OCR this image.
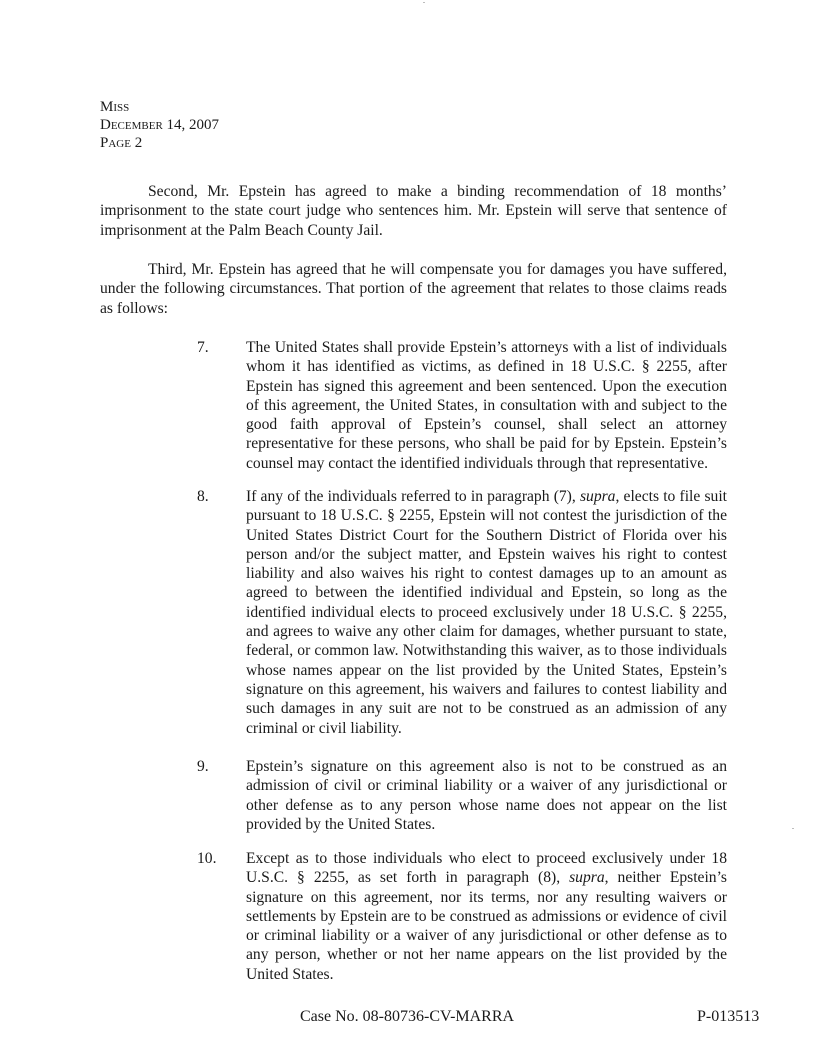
Miss
December 14, 2007
Page 2

Second, Mr. Epstein has agreed to make a binding recommendation of 18 months’ imprisonment to the state court judge who sentences him. Mr. Epstein will serve that sentence of imprisonment at the Palm Beach County Jail.

Third, Mr. Epstein has agreed that he will compensate you for damages you have suffered, under the following circumstances. That portion of the agreement that relates to those claims reads as follows:

7.	The United States shall provide Epstein’s attorneys with a list of individuals whom it has identified as victims, as defined in 18 U.S.C. § 2255, after Epstein has signed this agreement and been sentenced. Upon the execution of this agreement, the United States, in consultation with and subject to the good faith approval of Epstein’s counsel, shall select an attorney representative for these persons, who shall be paid for by Epstein. Epstein’s counsel may contact the identified individuals through that representative.

8.	If any of the individuals referred to in paragraph (7), supra, elects to file suit pursuant to 18 U.S.C. § 2255, Epstein will not contest the jurisdiction of the United States District Court for the Southern District of Florida over his person and/or the subject matter, and Epstein waives his right to contest liability and also waives his right to contest damages up to an amount as agreed to between the identified individual and Epstein, so long as the identified individual elects to proceed exclusively under 18 U.S.C. § 2255, and agrees to waive any other claim for damages, whether pursuant to state, federal, or common law. Notwithstanding this waiver, as to those individuals whose names appear on the list provided by the United States, Epstein’s signature on this agreement, his waivers and failures to contest liability and such damages in any suit are not to be construed as an admission of any criminal or civil liability.

9.	Epstein’s signature on this agreement also is not to be construed as an admission of civil or criminal liability or a waiver of any jurisdictional or other defense as to any person whose name does not appear on the list provided by the United States.

10.	Except as to those individuals who elect to proceed exclusively under 18 U.S.C. § 2255, as set forth in paragraph (8), supra, neither Epstein’s signature on this agreement, nor its terms, nor any resulting waivers or settlements by Epstein are to be construed as admissions or evidence of civil or criminal liability or a waiver of any jurisdictional or other defense as to any person, whether or not her name appears on the list provided by the United States.

Case No. 08-80736-CV-MARRA	P-013513
